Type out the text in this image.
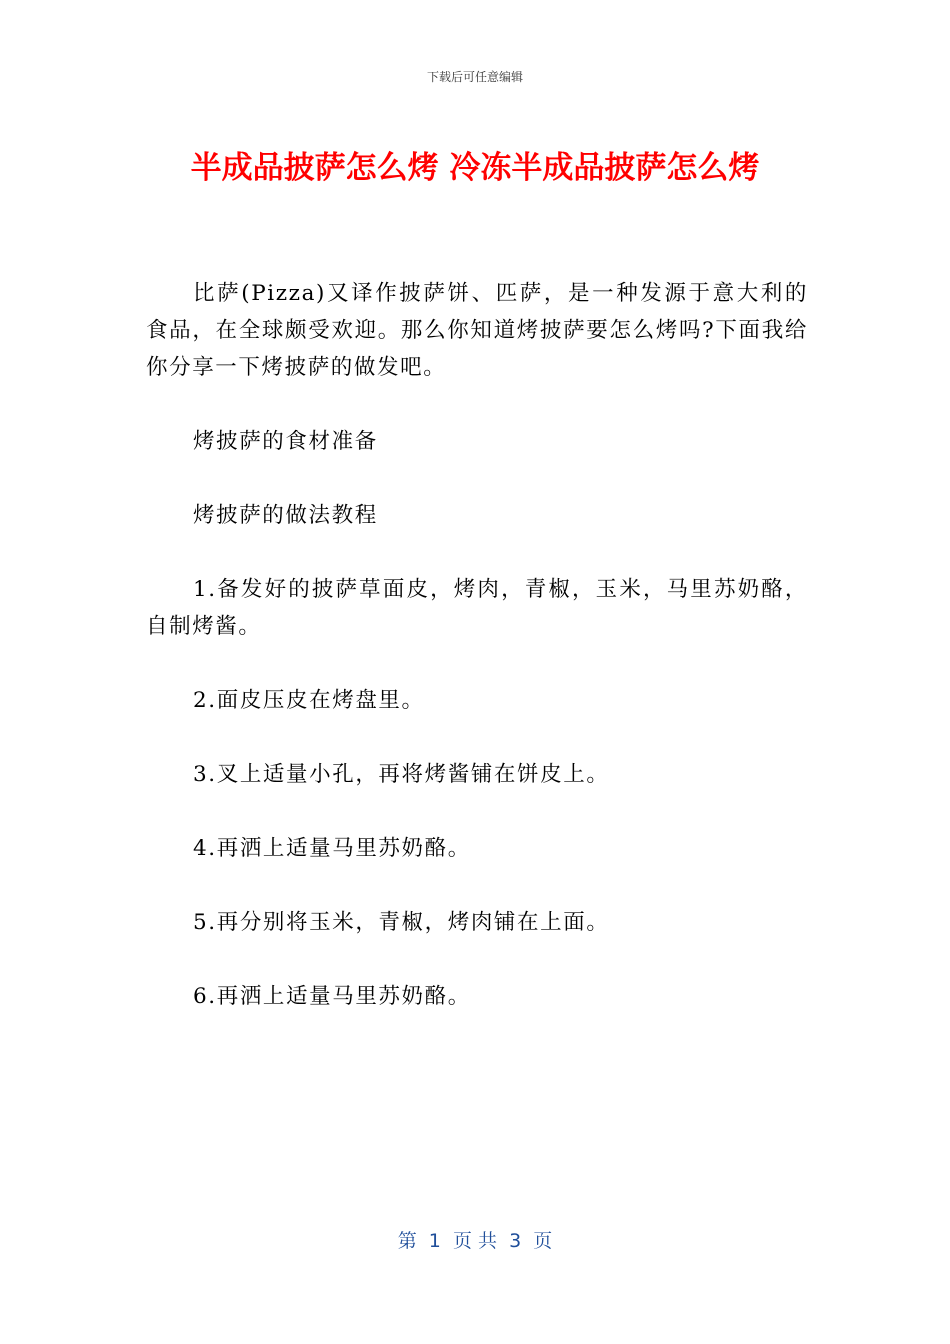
下载后可任意编辑
半成品披萨怎么烤 冷冻半成品披萨怎么烤

比萨(Pizza)又译作披萨饼、匹萨，是一种发源于意大利的食品，在全球颇受欢迎。那么你知道烤披萨要怎么烤吗?下面我给你分享一下烤披萨的做发吧。

烤披萨的食材准备

烤披萨的做法教程

1.备发好的披萨草面皮，烤肉，青椒，玉米，马里苏奶酪，自制烤酱。

2.面皮压皮在烤盘里。

3.叉上适量小孔，再将烤酱铺在饼皮上。

4.再洒上适量马里苏奶酪。

5.再分别将玉米，青椒，烤肉铺在上面。

6.再洒上适量马里苏奶酪。

第  1  页 共  3  页
